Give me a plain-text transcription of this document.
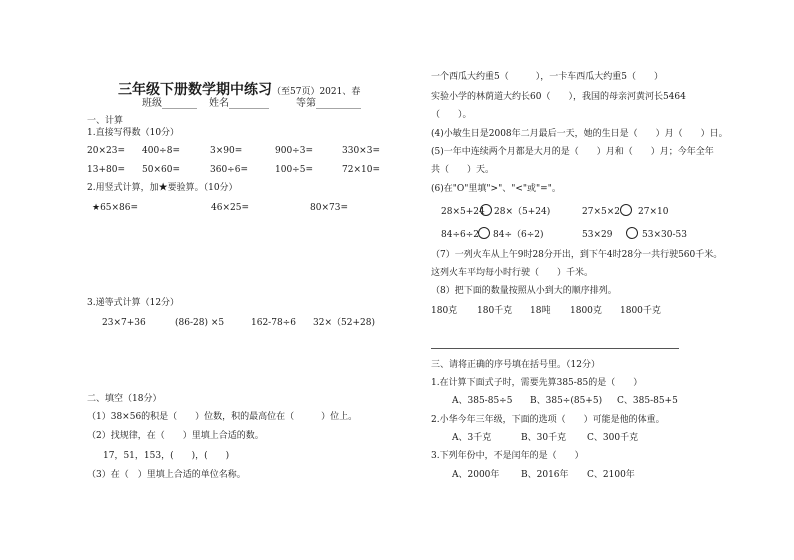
三年级下册数学期中练习（至57页）2021、春
班级_______ 姓名________	等第_________
一、计算
1.直接写得数（10分）
20×23= 400÷8=	3×90=	900÷3=	330×3=
13+80= 50×60=	360÷6=	100÷5=	72×10=
2.用竖式计算，加★要验算。（10分）
★65×86=	46×25=	80×73=
3.递等式计算（12分）
23×7+36	(86-28) ×5	162-78÷6 32×（52+28)
二、填空（18分）
（1）38×56的积是（　　）位数，积的最高位在（　　　）位上。
（2）找规律，在（　　）里填上合适的数。
17，51，153，(　　)，(　　)
（3）在（　）里填上合适的单位名称。
一个西瓜大约重5（　　　），一卡车西瓜大约重5（　　）
实验小学的林荫道大约长60（　　），我国的母亲河黄河长5464
（　　）。
(4)小敏生日是2008年二月最后一天，她的生日是（　　）月（　　）日。
(5)一年中连续两个月都是大月的是（　　）月和（　　）月；今年全年
共（　　）天。
(6)在"O"里填">"、"<"或"="。
28×5+24 28×（5+24)	27×5×2 27×10
84÷6÷2 84÷（6÷2)	53×29	53×30-53
（7）一列火车从上午9时28分开出，到下午4时28分一共行驶560千米。
这列火车平均每小时行驶（　　）千米。
（8）把下面的数量按照从小到大的顺序排列。
180克 180千克 18吨 1800克 1800千克
三、请将正确的序号填在括号里。（12分）
1.在计算下面式子时，需要先算385-85的是（　　）
A、385-85÷5 B、385÷(85+5) C、385-85+5
2.小华今年三年级，下面的选项（　　）可能是他的体重。
A、3千克	B、30千克 C、300千克
3.下列年份中，不是闰年的是（　　）
A、2000年 B、2016年 C、2100年
